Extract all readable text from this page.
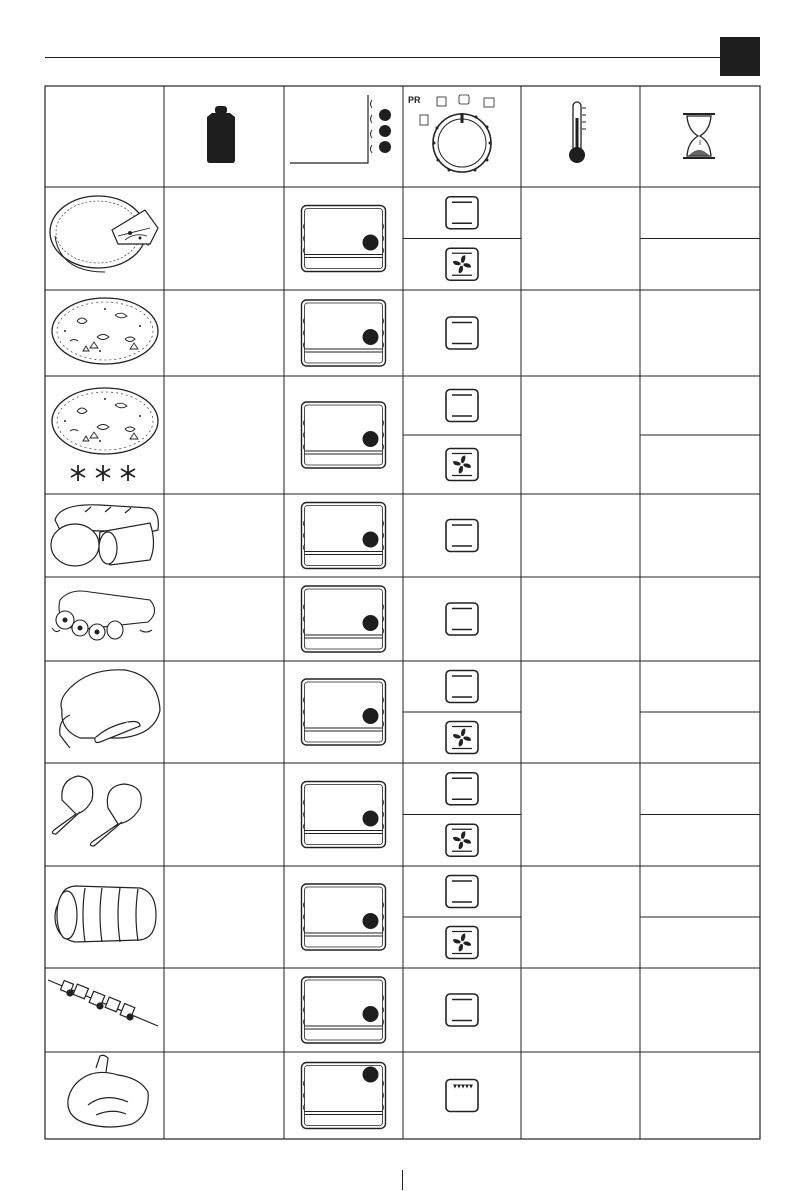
PR
